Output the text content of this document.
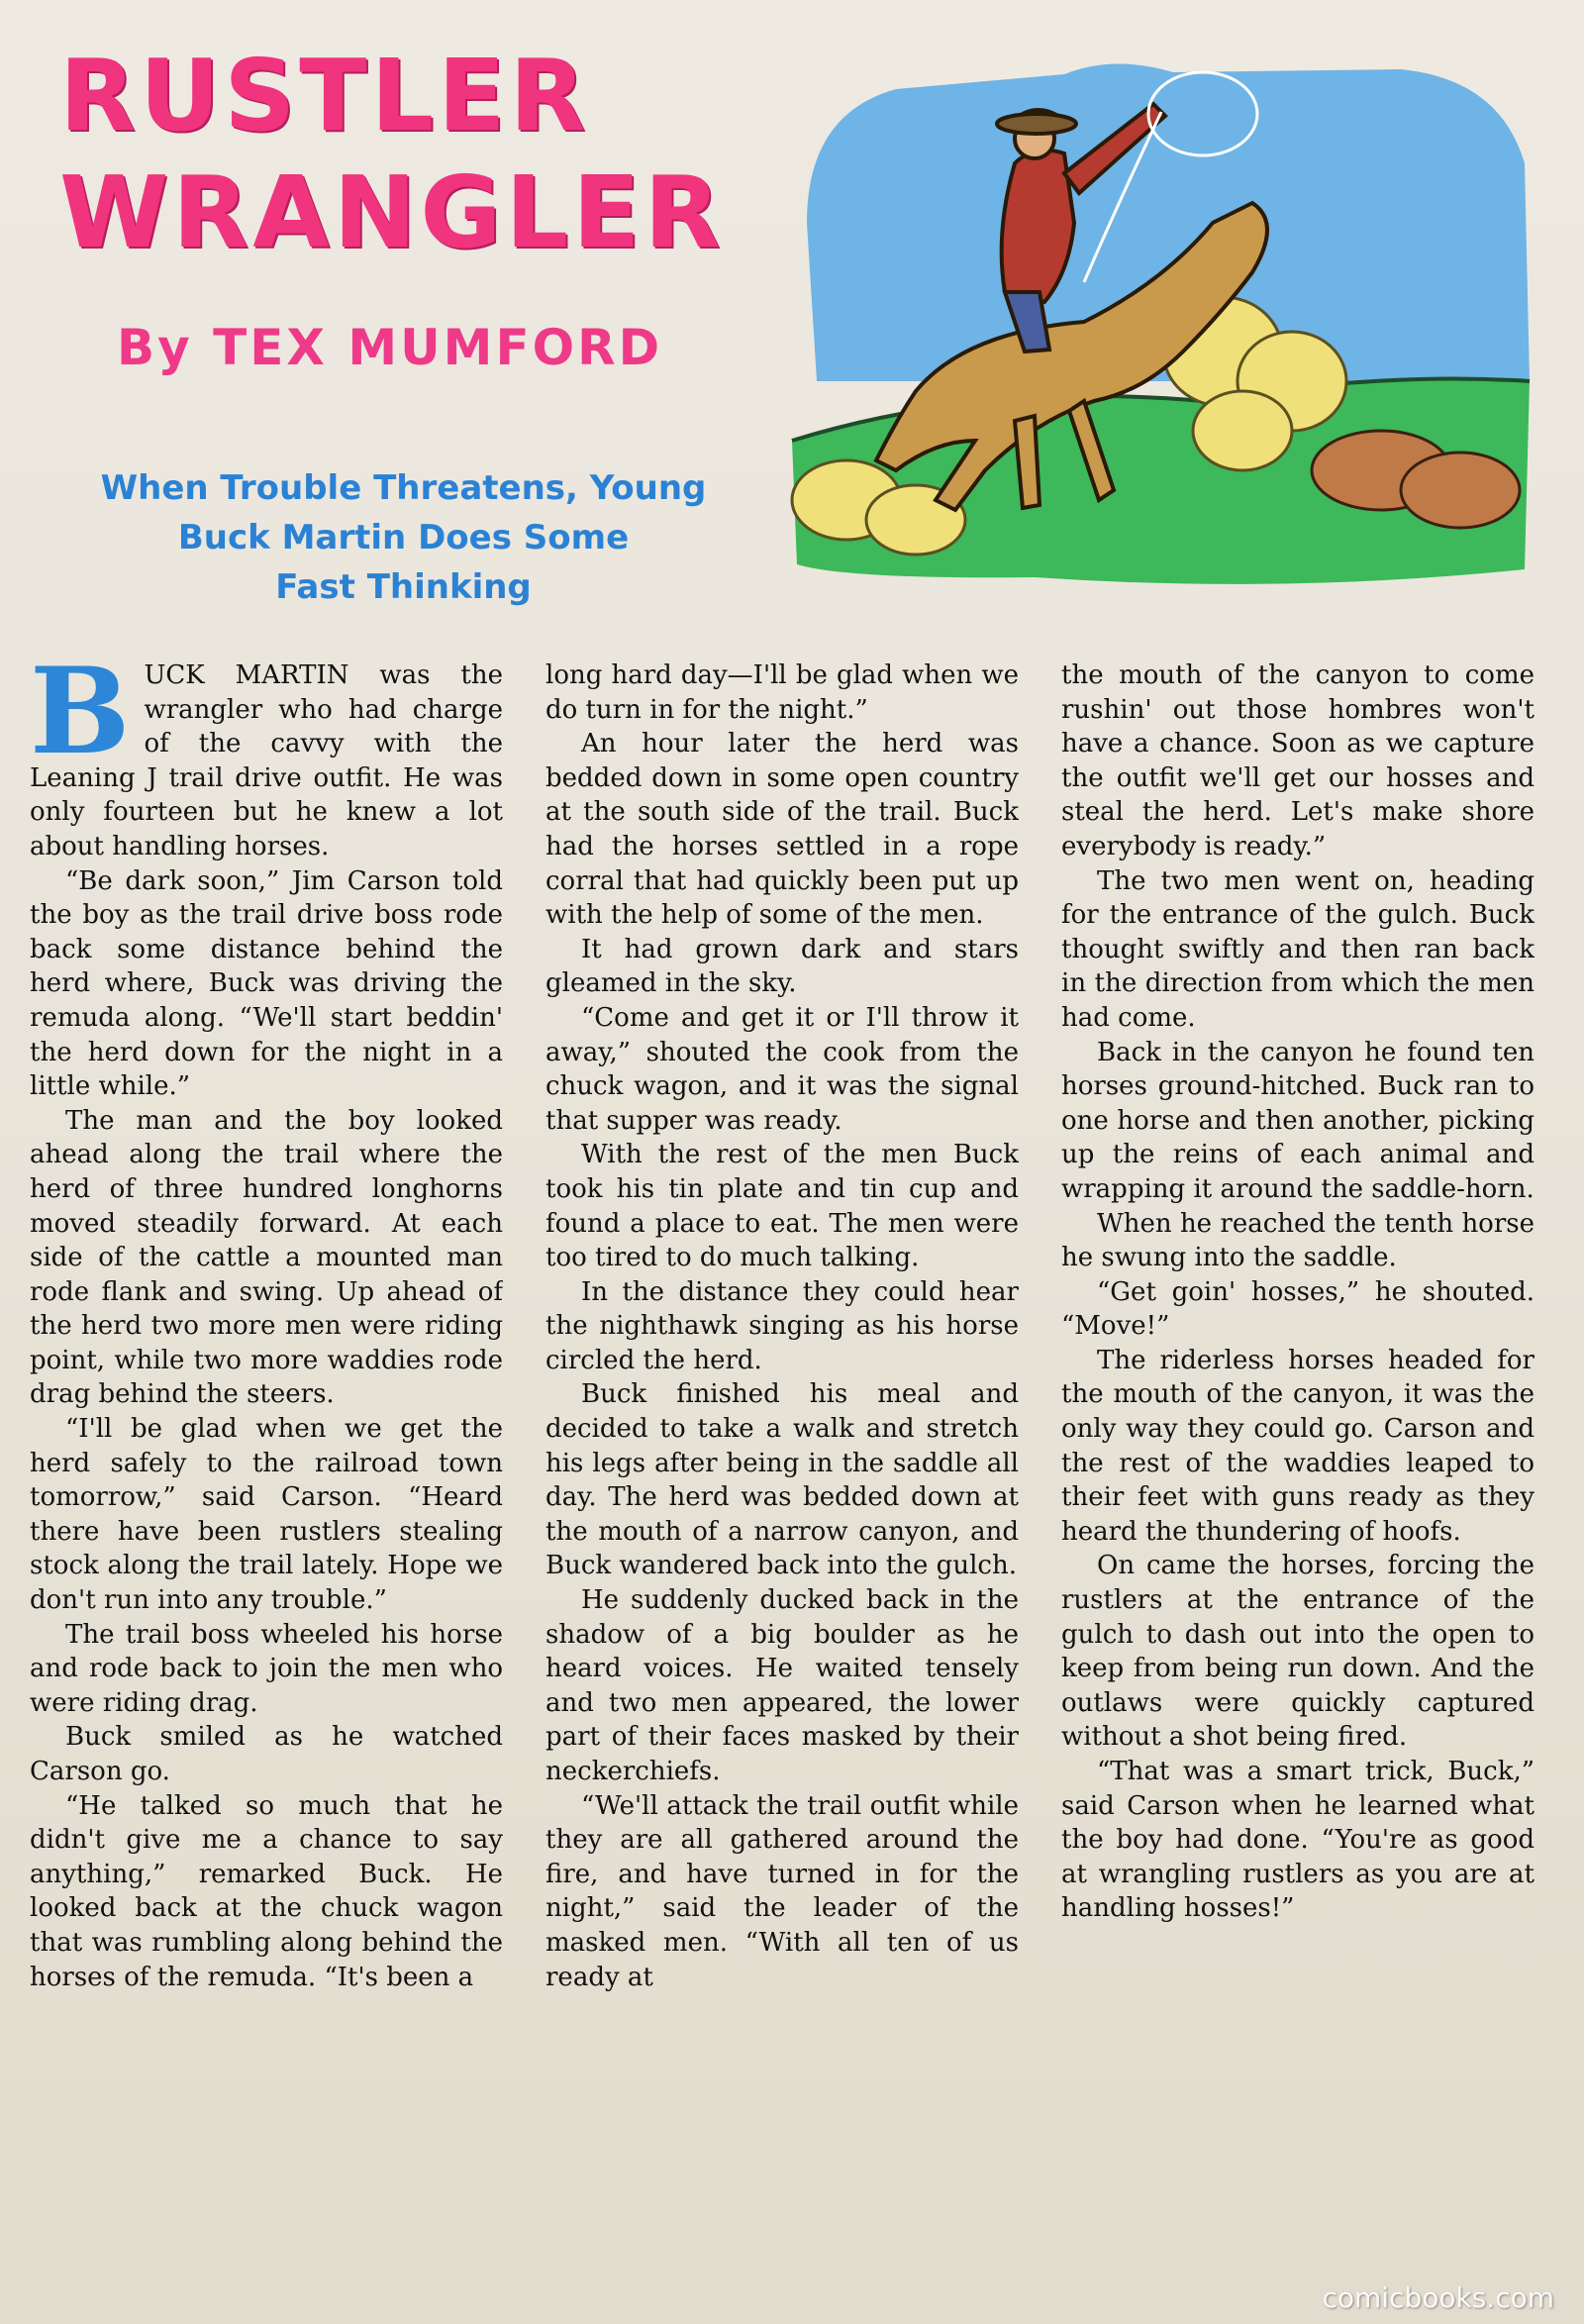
RUSTLER
WRANGLER
By TEX MUMFORD
When Trouble Threatens, Young
Buck Martin Does Some
Fast Thinking
B UCK MARTIN was the wrangler who had charge of the cavvy with the Leaning J trail drive outfit. He was only fourteen but he knew a lot about handling horses.

“Be dark soon,” Jim Carson told the boy as the trail drive boss rode back some distance behind the herd where, Buck was driving the remuda along. “We'll start beddin' the herd down for the night in a little while.”

The man and the boy looked ahead along the trail where the herd of three hundred longhorns moved steadily forward. At each side of the cattle a mounted man rode flank and swing. Up ahead of the herd two more men were riding point, while two more waddies rode drag behind the steers.

“I'll be glad when we get the herd safely to the railroad town tomorrow,” said Carson. “Heard there have been rustlers stealing stock along the trail lately. Hope we don't run into any trouble.”

The trail boss wheeled his horse and rode back to join the men who were riding drag.

Buck smiled as he watched Carson go.

“He talked so much that he didn't give me a chance to say anything,” remarked Buck. He looked back at the chuck wagon that was rumbling along behind the horses of the remuda. “It's been a

long hard day—I'll be glad when we do turn in for the night.”

An hour later the herd was bedded down in some open country at the south side of the trail. Buck had the horses settled in a rope corral that had quickly been put up with the help of some of the men.

It had grown dark and stars gleamed in the sky.

“Come and get it or I'll throw it away,” shouted the cook from the chuck wagon, and it was the signal that supper was ready.

With the rest of the men Buck took his tin plate and tin cup and found a place to eat. The men were too tired to do much talking.

In the distance they could hear the nighthawk singing as his horse circled the herd.

Buck finished his meal and decided to take a walk and stretch his legs after being in the saddle all day. The herd was bedded down at the mouth of a narrow canyon, and Buck wandered back into the gulch.

He suddenly ducked back in the shadow of a big boulder as he heard voices. He waited tensely and two men appeared, the lower part of their faces masked by their neckerchiefs.

“We'll attack the trail outfit while they are all gathered around the fire, and have turned in for the night,” said the leader of the masked men. “With all ten of us ready at

the mouth of the canyon to come rushin' out those hombres won't have a chance. Soon as we capture the outfit we'll get our hosses and steal the herd. Let's make shore everybody is ready.”

The two men went on, heading for the entrance of the gulch. Buck thought swiftly and then ran back in the direction from which the men had come.

Back in the canyon he found ten horses ground-hitched. Buck ran to one horse and then another, picking up the reins of each animal and wrapping it around the saddle-horn.

When he reached the tenth horse he swung into the saddle.

“Get goin' hosses,” he shouted. “Move!”

The riderless horses headed for the mouth of the canyon, it was the only way they could go. Carson and the rest of the waddies leaped to their feet with guns ready as they heard the thundering of hoofs.

On came the horses, forcing the rustlers at the entrance of the gulch to dash out into the open to keep from being run down. And the outlaws were quickly captured without a shot being fired.

“That was a smart trick, Buck,” said Carson when he learned what the boy had done. “You're as good at wrangling rustlers as you are at handling hosses!”

comicbooks.com
